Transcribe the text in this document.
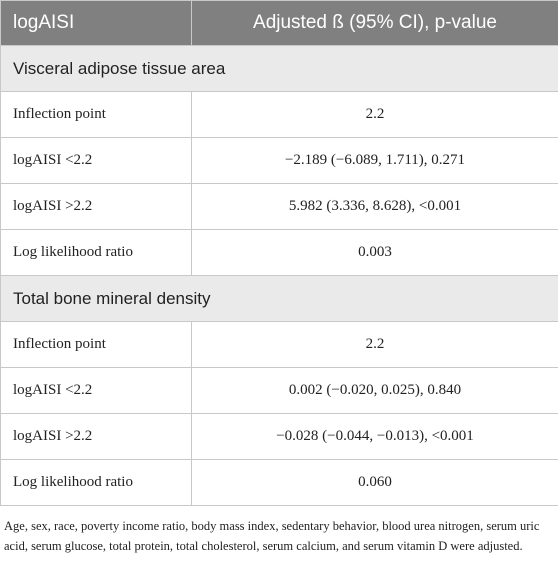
logAISI	Adjusted ß (95% CI), p-value
Visceral adipose tissue area	
Inflection point	2.2
logAISI <2.2	−2.189 (−6.089, 1.711), 0.271
logAISI >2.2	5.982 (3.336, 8.628), <0.001
Log likelihood ratio	0.003
Total bone mineral density	
Inflection point	2.2
logAISI <2.2	0.002 (−0.020, 0.025), 0.840
logAISI >2.2	−0.028 (−0.044, −0.013), <0.001
Log likelihood ratio	0.060

Age, sex, race, poverty income ratio, body mass index, sedentary behavior, blood urea nitrogen, serum uric acid, serum glucose, total protein, total cholesterol, serum calcium, and serum vitamin D were adjusted.
